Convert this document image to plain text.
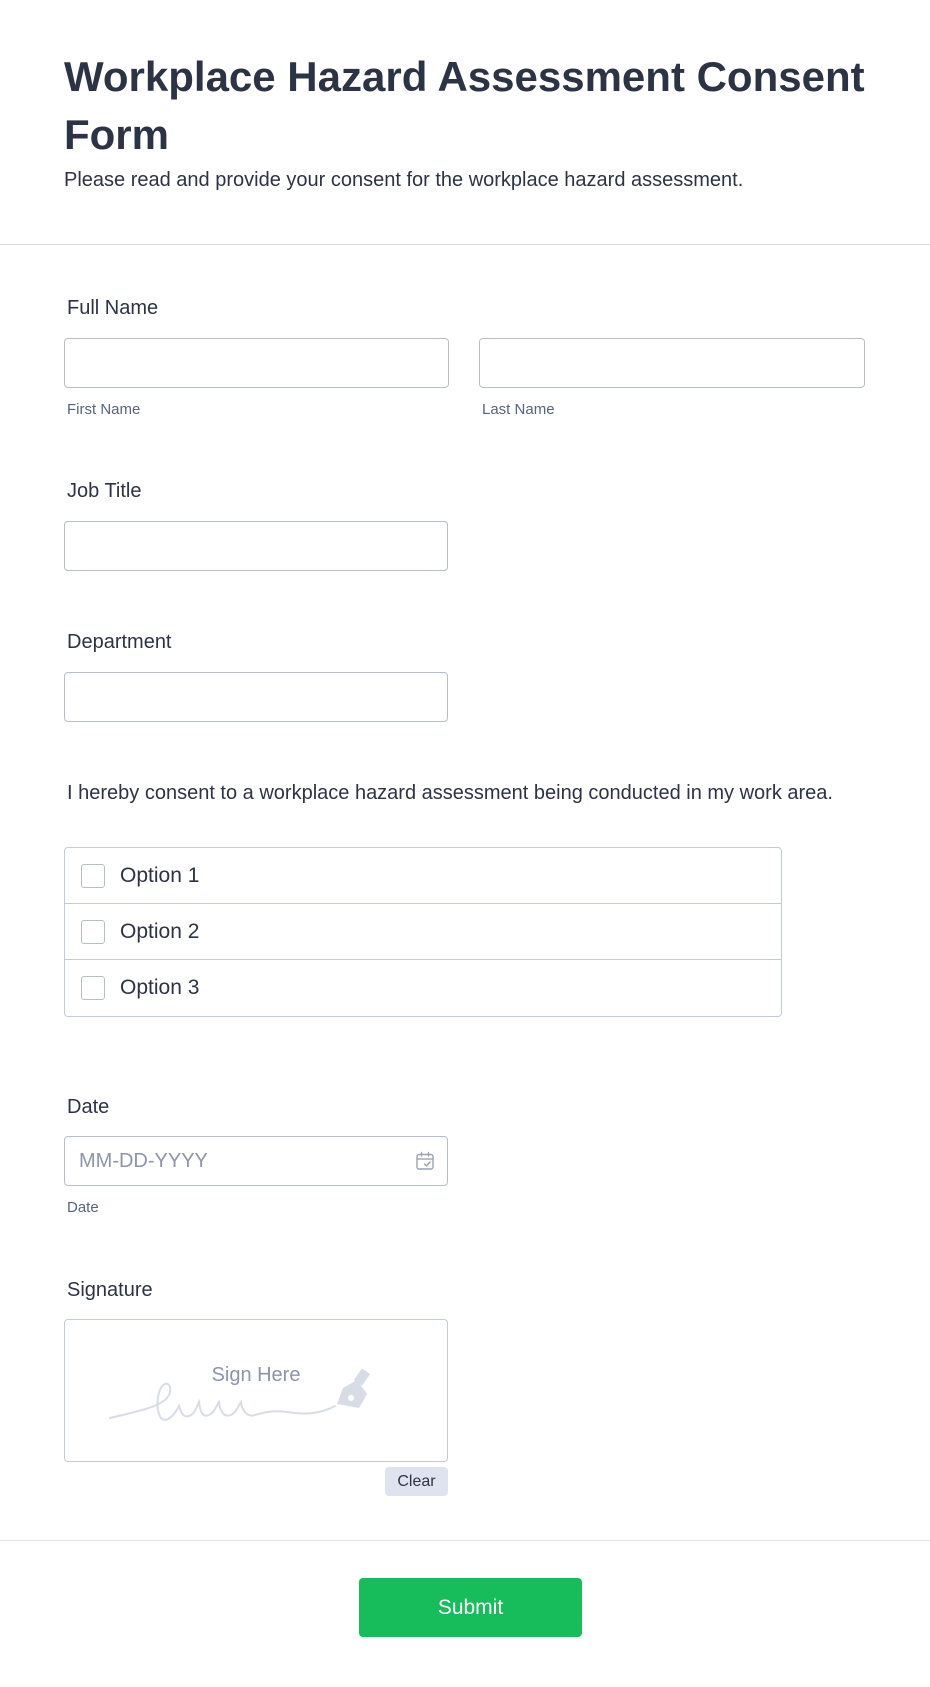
Workplace Hazard Assessment Consent Form

Please read and provide your consent for the workplace hazard assessment.

Full Name

First Name	Last Name

Job Title

Department

I hereby consent to a workplace hazard assessment being conducted in my work area.

Option 1
Option 2
Option 3

Date

MM-DD-YYYY

Date

Signature

Sign Here
Clear
Submit
